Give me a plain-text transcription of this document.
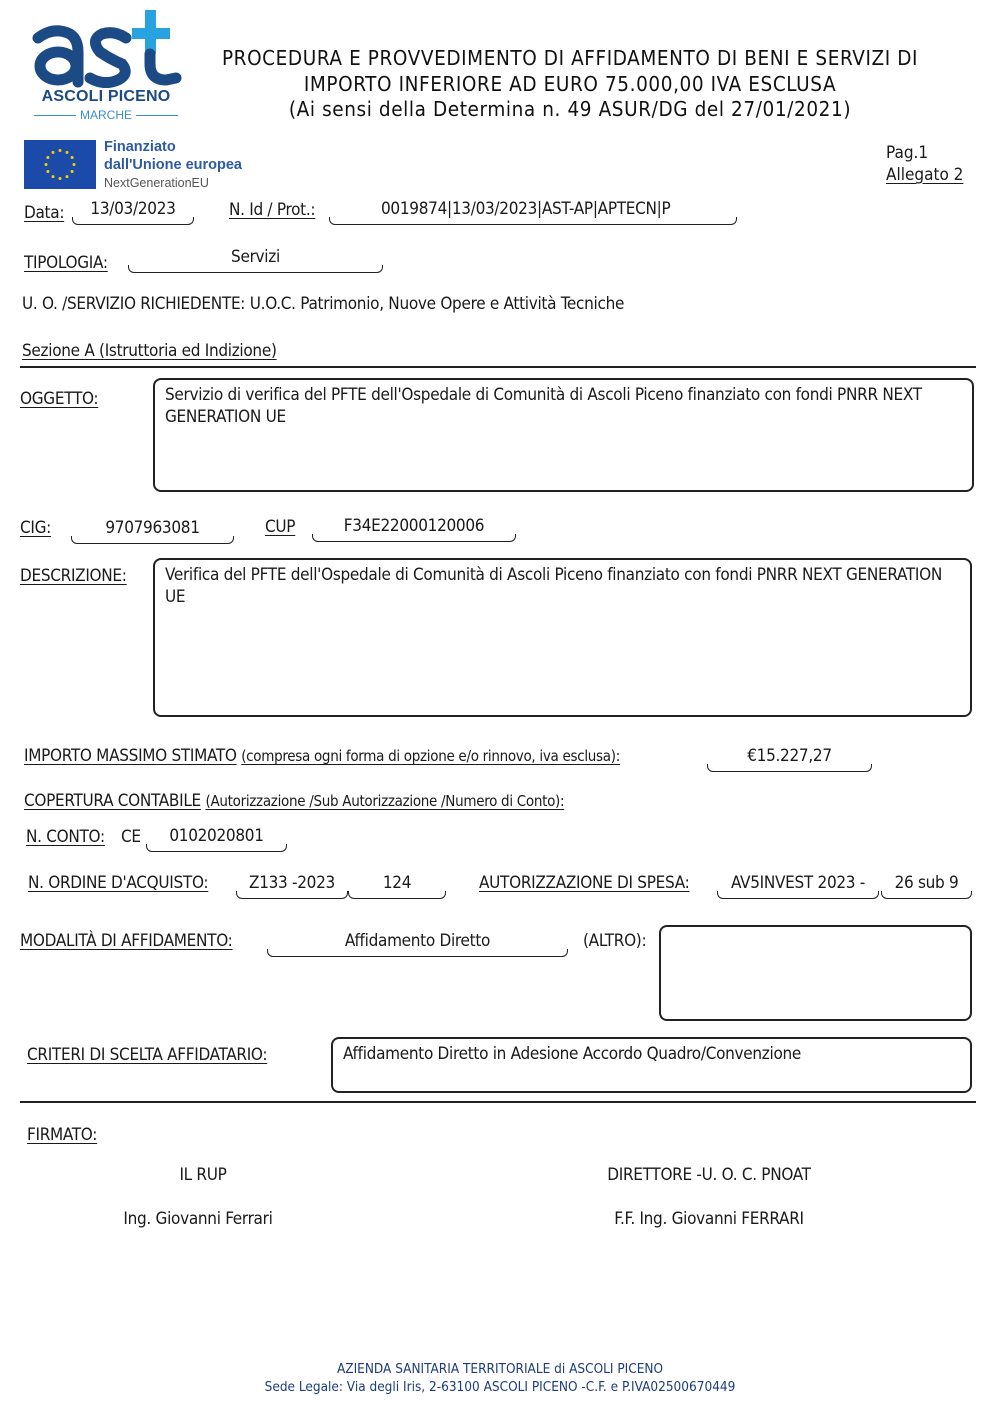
ASCOLI PICENO
MARCHE
Finanziato
dall'Unione europea
NextGenerationEU
PROCEDURA E PROVVEDIMENTO DI AFFIDAMENTO DI BENI E SERVIZI DI
IMPORTO INFERIORE AD EURO 75.000,00 IVA ESCLUSA
(Ai sensi della Determina n. 49 ASUR/DG del 27/01/2021)
Pag.1
Allegato 2
Data:	13/03/2023	N. Id / Prot.:	0019874|13/03/2023|AST-AP|APTECN|P
TIPOLOGIA:	Servizi
U. O. /SERVIZIO RICHIEDENTE: U.O.C. Patrimonio, Nuove Opere e Attività Tecniche
Sezione A (Istruttoria ed Indizione)
OGGETTO:	Servizio di verifica del PFTE dell'Ospedale di Comunità di Ascoli Piceno finanziato con fondi PNRR NEXT GENERATION UE
CIG:	9707963081	CUP	F34E22000120006
DESCRIZIONE:	Verifica del PFTE dell'Ospedale di Comunità di Ascoli Piceno finanziato con fondi PNRR NEXT GENERATION UE
IMPORTO MASSIMO STIMATO (compresa ogni forma di opzione e/o rinnovo, iva esclusa):	€15.227,27
COPERTURA CONTABILE (Autorizzazione /Sub Autorizzazione /Numero di Conto):
N. CONTO: CE	0102020801
N. ORDINE D'ACQUISTO:	Z133 -2023	124	AUTORIZZAZIONE DI SPESA:	AV5INVEST 2023 -	26 sub 9
MODALITÀ DI AFFIDAMENTO:	Affidamento Diretto	(ALTRO):
CRITERI DI SCELTA AFFIDATARIO:	Affidamento Diretto in Adesione Accordo Quadro/Convenzione
FIRMATO:
IL RUP
Ing. Giovanni Ferrari
DIRETTORE -U. O. C. PNOAT
F.F. Ing. Giovanni FERRARI
AZIENDA SANITARIA TERRITORIALE di ASCOLI PICENO
Sede Legale: Via degli Iris, 2-63100 ASCOLI PICENO -C.F. e P.IVA02500670449
